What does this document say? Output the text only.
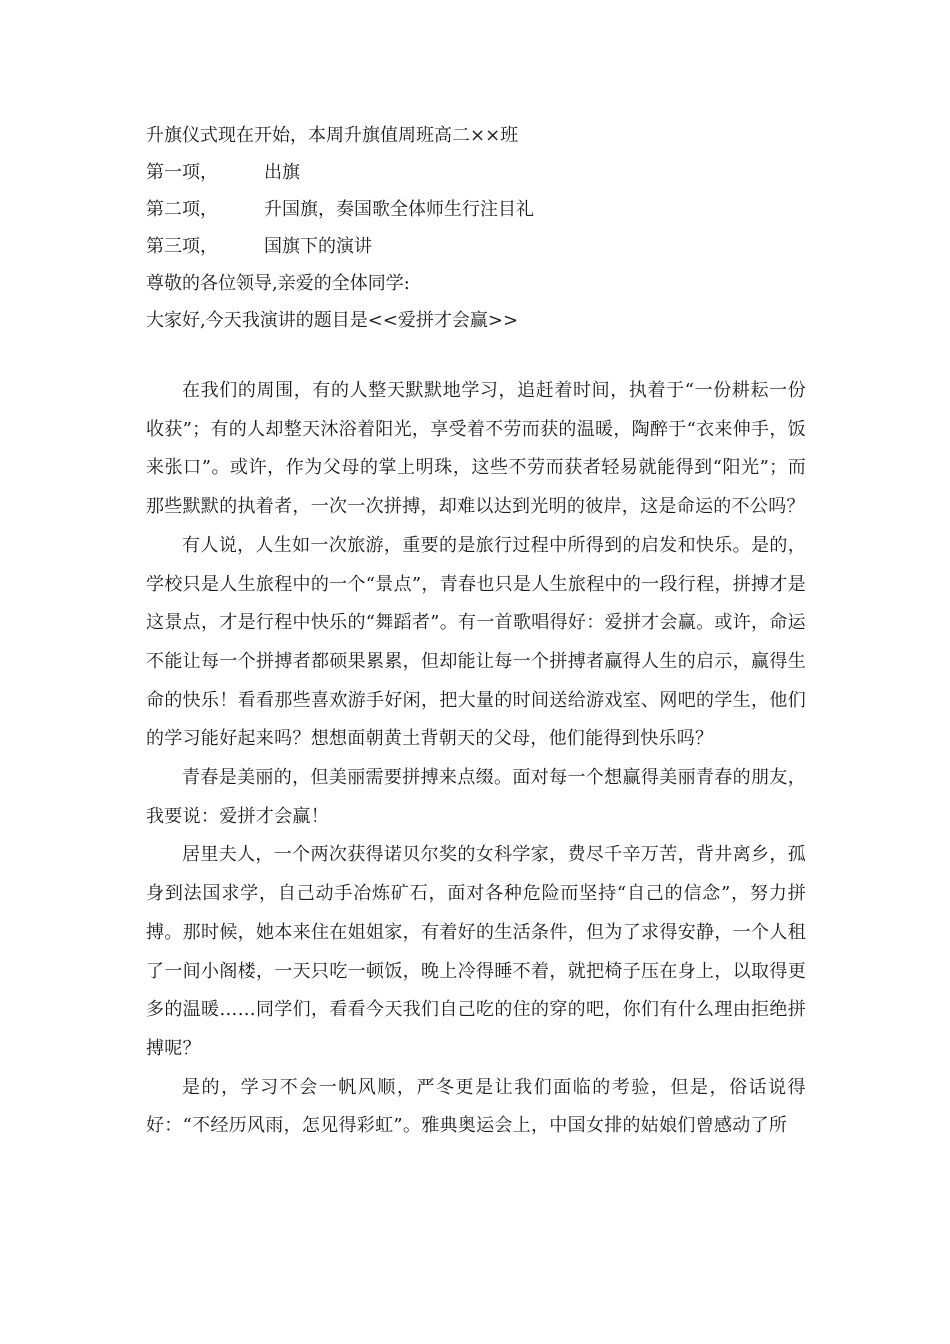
升旗仪式现在开始，本周升旗值周班高二××班
第一项，	出旗
第二项，	升国旗，奏国歌全体师生行注目礼
第三项，	国旗下的演讲
尊敬的各位领导,亲爱的全体同学:
大家好,今天我演讲的题目是<<爱拼才会赢>>

在我们的周围，有的人整天默默地学习，追赶着时间，执着于“一份耕耘一份收获”；有的人却整天沐浴着阳光，享受着不劳而获的温暖，陶醉于“衣来伸手，饭来张口”。或许，作为父母的掌上明珠，这些不劳而获者轻易就能得到“阳光”；而那些默默的执着者，一次一次拼搏，却难以达到光明的彼岸，这是命运的不公吗？

有人说，人生如一次旅游，重要的是旅行过程中所得到的启发和快乐。是的，学校只是人生旅程中的一个“景点”，青春也只是人生旅程中的一段行程，拼搏才是这景点，才是行程中快乐的“舞蹈者”。有一首歌唱得好：爱拼才会赢。或许，命运不能让每一个拼搏者都硕果累累，但却能让每一个拼搏者赢得人生的启示，赢得生命的快乐！看看那些喜欢游手好闲，把大量的时间送给游戏室、网吧的学生，他们的学习能好起来吗？想想面朝黄土背朝天的父母，他们能得到快乐吗？

青春是美丽的，但美丽需要拼搏来点缀。面对每一个想赢得美丽青春的朋友，我要说：爱拼才会赢！

居里夫人，一个两次获得诺贝尔奖的女科学家，费尽千辛万苦，背井离乡，孤身到法国求学，自己动手冶炼矿石，面对各种危险而坚持“自己的信念”，努力拼搏。那时候，她本来住在姐姐家，有着好的生活条件，但为了求得安静，一个人租了一间小阁楼，一天只吃一顿饭，晚上冷得睡不着，就把椅子压在身上，以取得更多的温暖……同学们，看看今天我们自己吃的住的穿的吧，你们有什么理由拒绝拼搏呢？

是的，学习不会一帆风顺，严冬更是让我们面临的考验，但是，俗话说得好：“不经历风雨，怎见得彩虹”。雅典奥运会上，中国女排的姑娘们曾感动了所
